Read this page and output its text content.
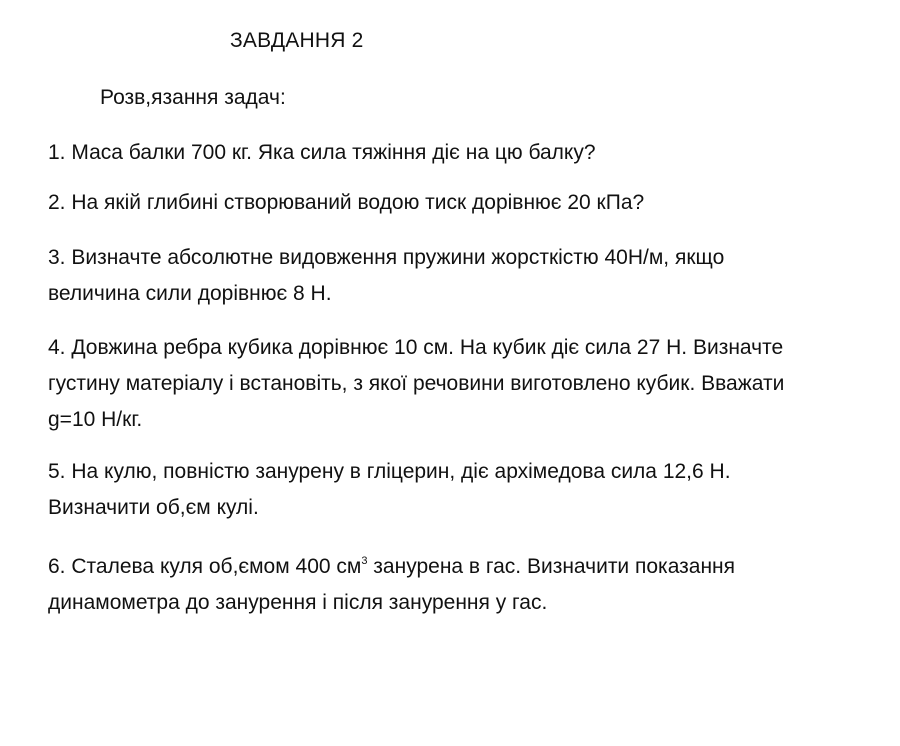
ЗАВДАННЯ 2
Розв,язання задач:
1. Маса балки 700 кг. Яка сила тяжіння діє на цю балку?
2. На якій глибині створюваний водою тиск дорівнює 20 кПа?
3. Визначте абсолютне видовження пружини жорсткістю 40Н/м, якщо
величина сили дорівнює 8 Н.
4. Довжина ребра кубика дорівнює 10 см. На кубик діє сила 27 Н. Визначте
густину матеріалу і встановіть, з якої речовини виготовлено кубик. Вважати
g=10 Н/кг.
5. На кулю, повністю занурену в гліцерин, діє архімедова сила 12,6 Н.
Визначити об,єм кулі.
6. Сталева куля об,ємом 400 $см^3$ занурена в гас. Визначити показання
динамометра до занурення і після занурення у гас.
